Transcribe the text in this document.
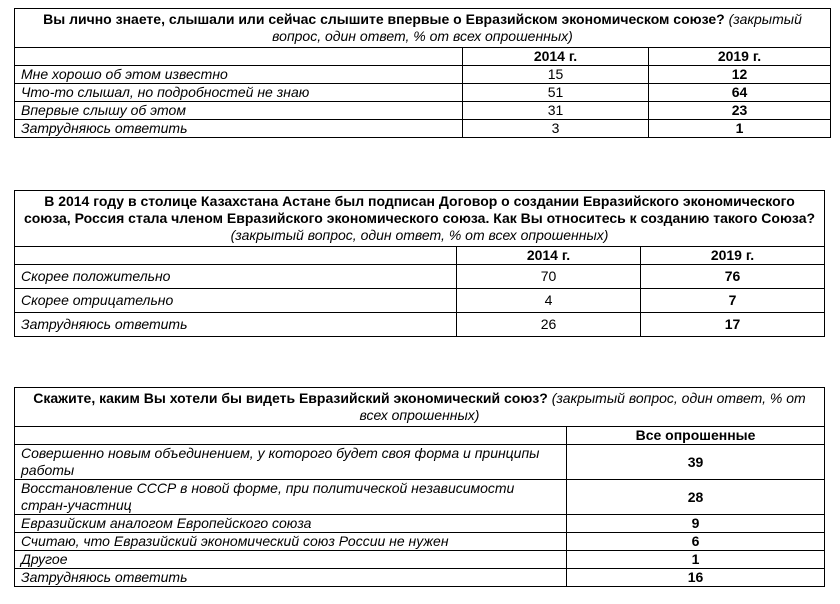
Вы лично знаете, слышали или сейчас слышите впервые о Евразийском экономическом союзе? (закрытый вопрос, один ответ, % от всех опрошенных)		
	2014 г.	2019 г.
Мне хорошо об этом известно	15	12
Что-то слышал, но подробностей не знаю	51	64
Впервые слышу об этом	31	23
Затрудняюсь ответить	3	1
В 2014 году в столице Казахстана Астане был подписан Договор о создании Евразийского экономического союза, Россия стала членом Евразийского экономического союза. Как Вы относитесь к созданию такого Союза? (закрытый вопрос, один ответ, % от всех опрошенных)		
	2014 г.	2019 г.
Скорее положительно	70	76
Скорее отрицательно	4	7
Затрудняюсь ответить	26	17
Скажите, каким Вы хотели бы видеть Евразийский экономический союз? (закрытый вопрос, один ответ, % от всех опрошенных)	
	Все опрошенные
Совершенно новым объединением, у которого будет своя форма и принципы работы	39
Восстановление СССР в новой форме, при политической независимости стран-участниц	28
Евразийским аналогом Европейского союза	9
Считаю, что Евразийский экономический союз России не нужен	6
Другое	1
Затрудняюсь ответить	16
